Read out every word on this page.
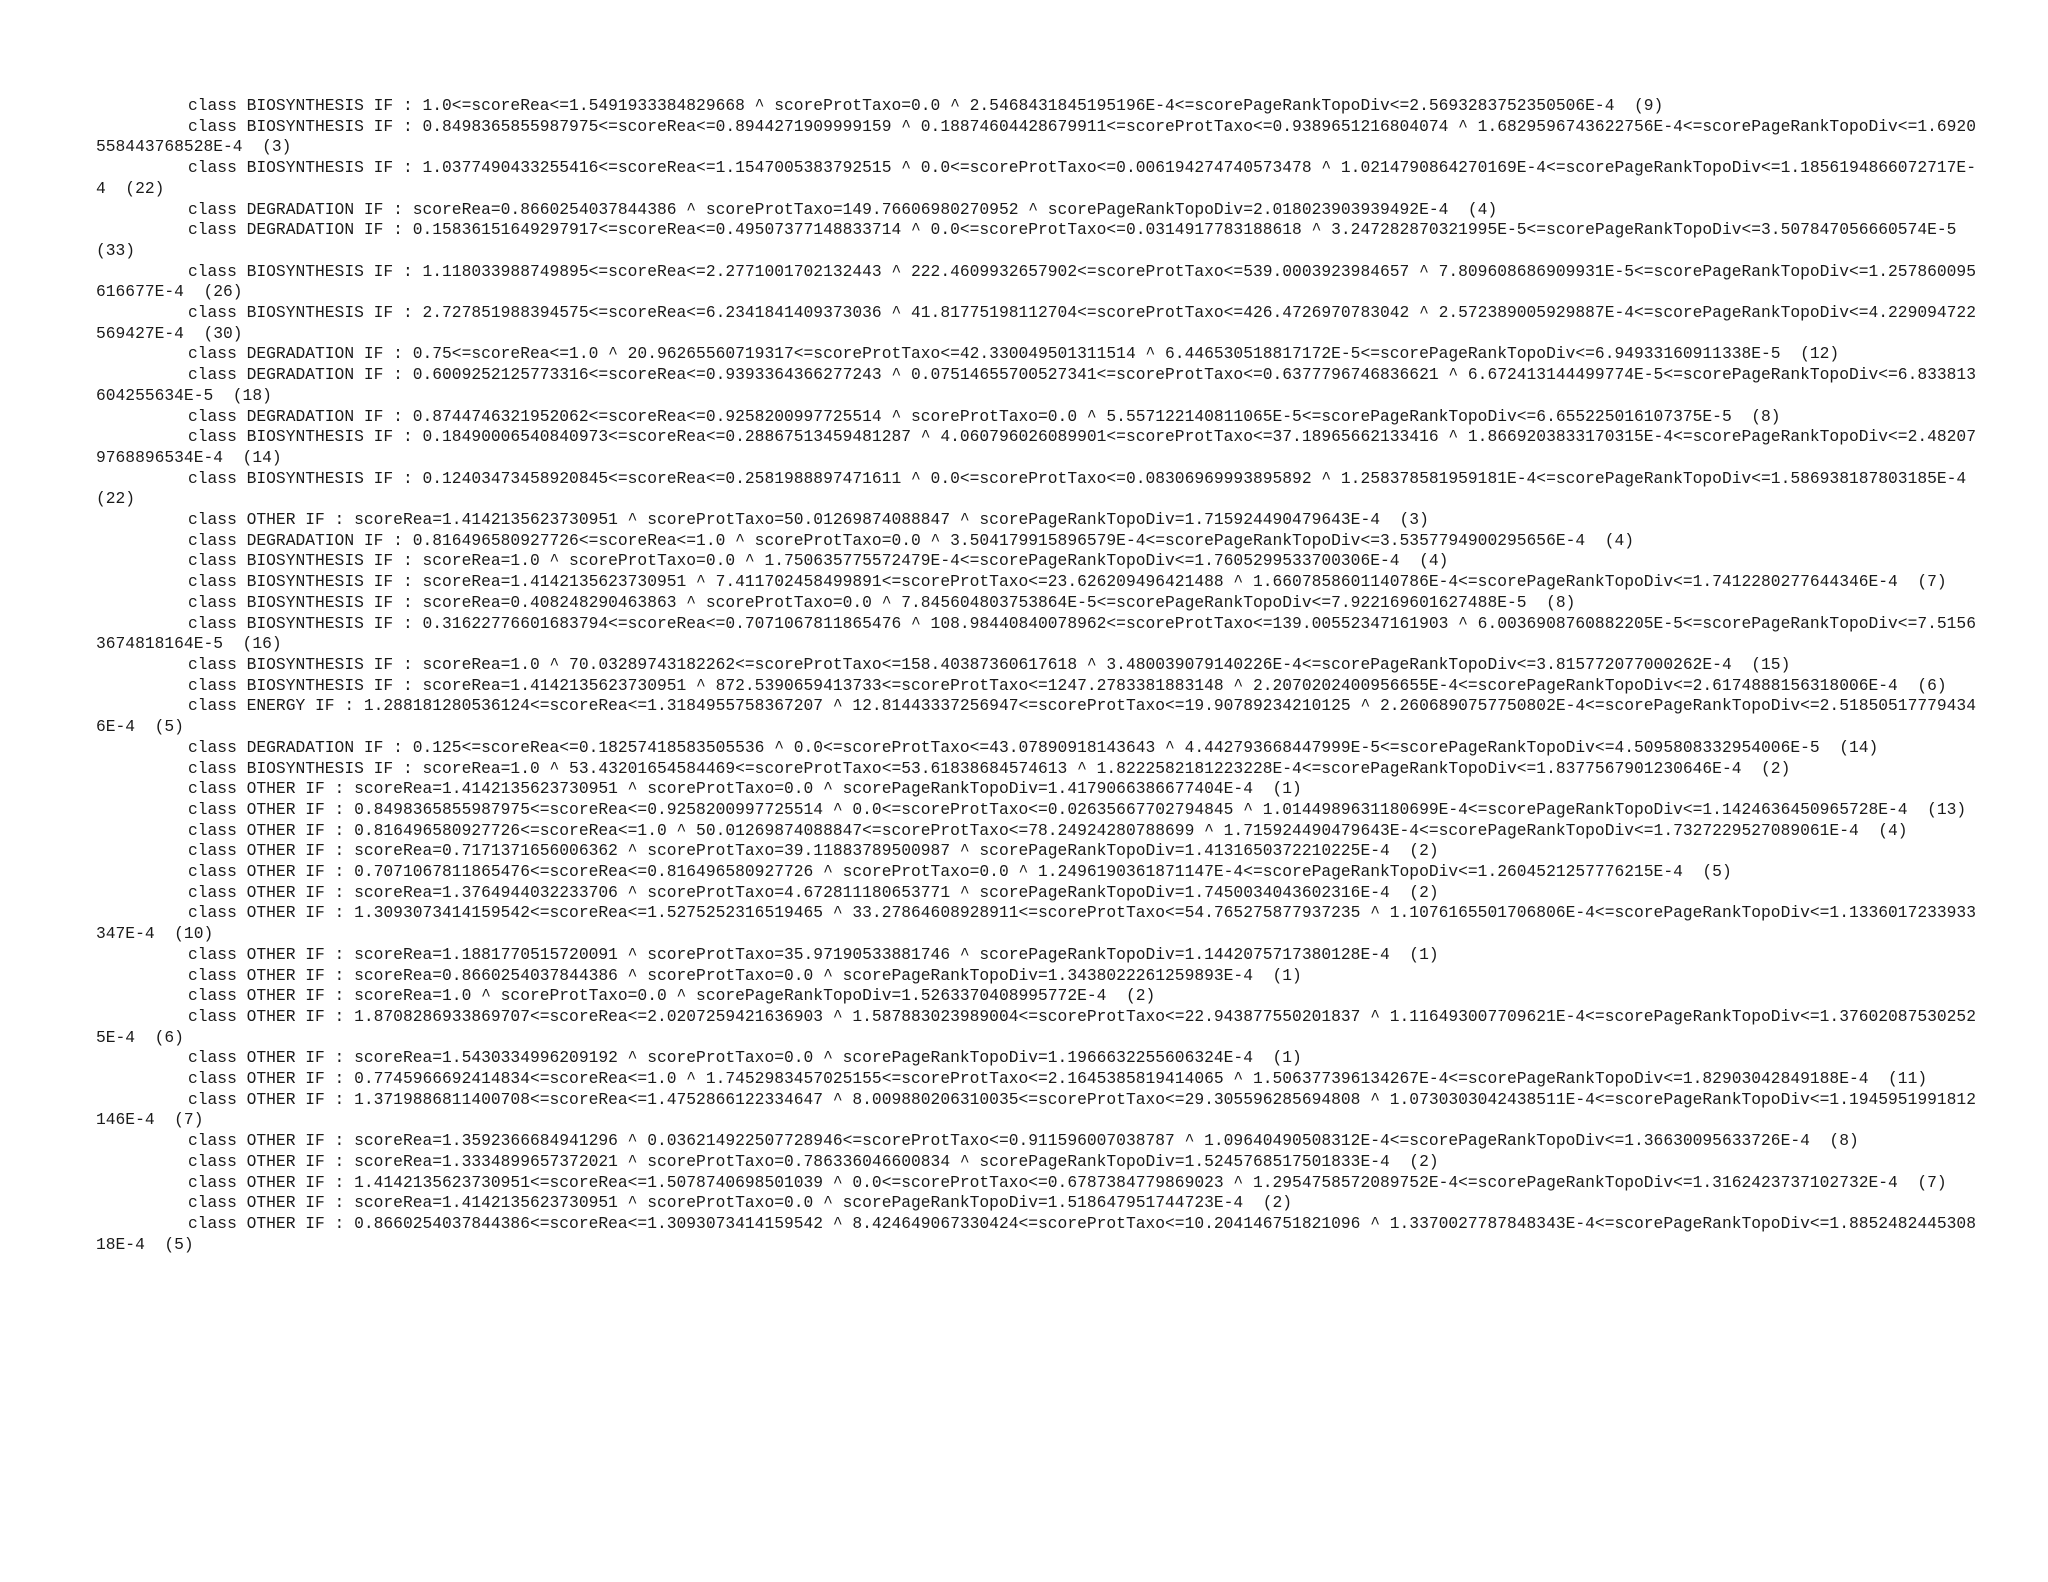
class BIOSYNTHESIS IF : 1.0<=scoreRea<=1.5491933384829668 ^ scoreProtTaxo=0.0 ^ 2.5468431845195196E-4<=scorePageRankTopoDiv<=2.5693283752350506E-4  (9)
class BIOSYNTHESIS IF : 0.8498365855987975<=scoreRea<=0.8944271909999159 ^ 0.18874604428679911<=scoreProtTaxo<=0.9389651216804074 ^ 1.6829596743622756E-4<=scorePageRankTopoDiv<=1.6920558443768528E-4  (3)
class BIOSYNTHESIS IF : 1.0377490433255416<=scoreRea<=1.1547005383792515 ^ 0.0<=scoreProtTaxo<=0.006194274740573478 ^ 1.0214790864270169E-4<=scorePageRankTopoDiv<=1.1856194866072717E-4  (22)
class DEGRADATION IF : scoreRea=0.8660254037844386 ^ scoreProtTaxo=149.76606980270952 ^ scorePageRankTopoDiv=2.018023903939492E-4  (4)
class DEGRADATION IF : 0.15836151649297917<=scoreRea<=0.49507377148833714 ^ 0.0<=scoreProtTaxo<=0.0314917783188618 ^ 3.247282870321995E-5<=scorePageRankTopoDiv<=3.507847056660574E-5  (33)
class BIOSYNTHESIS IF : 1.118033988749895<=scoreRea<=2.2771001702132443 ^ 222.4609932657902<=scoreProtTaxo<=539.0003923984657 ^ 7.809608686909931E-5<=scorePageRankTopoDiv<=1.257860095616677E-4  (26)
class BIOSYNTHESIS IF : 2.727851988394575<=scoreRea<=6.2341841409373036 ^ 41.81775198112704<=scoreProtTaxo<=426.4726970783042 ^ 2.572389005929887E-4<=scorePageRankTopoDiv<=4.229094722569427E-4  (30)
class DEGRADATION IF : 0.75<=scoreRea<=1.0 ^ 20.96265560719317<=scoreProtTaxo<=42.330049501311514 ^ 6.446530518817172E-5<=scorePageRankTopoDiv<=6.94933160911338E-5  (12)
class DEGRADATION IF : 0.6009252125773316<=scoreRea<=0.9393364366277243 ^ 0.07514655700527341<=scoreProtTaxo<=0.6377796746836621 ^ 6.672413144499774E-5<=scorePageRankTopoDiv<=6.833813604255634E-5  (18)
class DEGRADATION IF : 0.8744746321952062<=scoreRea<=0.9258200997725514 ^ scoreProtTaxo=0.0 ^ 5.557122140811065E-5<=scorePageRankTopoDiv<=6.655225016107375E-5  (8)
class BIOSYNTHESIS IF : 0.18490006540840973<=scoreRea<=0.28867513459481287 ^ 4.060796026089901<=scoreProtTaxo<=37.18965662133416 ^ 1.8669203833170315E-4<=scorePageRankTopoDiv<=2.482079768896534E-4  (14)
class BIOSYNTHESIS IF : 0.12403473458920845<=scoreRea<=0.2581988897471611 ^ 0.0<=scoreProtTaxo<=0.08306969993895892 ^ 1.258378581959181E-4<=scorePageRankTopoDiv<=1.586938187803185E-4  (22)
class OTHER IF : scoreRea=1.4142135623730951 ^ scoreProtTaxo=50.01269874088847 ^ scorePageRankTopoDiv=1.715924490479643E-4  (3)
class DEGRADATION IF : 0.816496580927726<=scoreRea<=1.0 ^ scoreProtTaxo=0.0 ^ 3.504179915896579E-4<=scorePageRankTopoDiv<=3.5357794900295656E-4  (4)
class BIOSYNTHESIS IF : scoreRea=1.0 ^ scoreProtTaxo=0.0 ^ 1.750635775572479E-4<=scorePageRankTopoDiv<=1.7605299533700306E-4  (4)
class BIOSYNTHESIS IF : scoreRea=1.4142135623730951 ^ 7.411702458499891<=scoreProtTaxo<=23.626209496421488 ^ 1.6607858601140786E-4<=scorePageRankTopoDiv<=1.7412280277644346E-4  (7)
class BIOSYNTHESIS IF : scoreRea=0.408248290463863 ^ scoreProtTaxo=0.0 ^ 7.845604803753864E-5<=scorePageRankTopoDiv<=7.922169601627488E-5  (8)
class BIOSYNTHESIS IF : 0.31622776601683794<=scoreRea<=0.7071067811865476 ^ 108.98440840078962<=scoreProtTaxo<=139.00552347161903 ^ 6.0036908760882205E-5<=scorePageRankTopoDiv<=7.51563674818164E-5  (16)
class BIOSYNTHESIS IF : scoreRea=1.0 ^ 70.03289743182262<=scoreProtTaxo<=158.40387360617618 ^ 3.480039079140226E-4<=scorePageRankTopoDiv<=3.815772077000262E-4  (15)
class BIOSYNTHESIS IF : scoreRea=1.4142135623730951 ^ 872.5390659413733<=scoreProtTaxo<=1247.2783381883148 ^ 2.2070202400956655E-4<=scorePageRankTopoDiv<=2.6174888156318006E-4  (6)
class ENERGY IF : 1.288181280536124<=scoreRea<=1.3184955758367207 ^ 12.81443337256947<=scoreProtTaxo<=19.90789234210125 ^ 2.2606890757750802E-4<=scorePageRankTopoDiv<=2.518505177794346E-4  (5)
class DEGRADATION IF : 0.125<=scoreRea<=0.18257418583505536 ^ 0.0<=scoreProtTaxo<=43.07890918143643 ^ 4.442793668447999E-5<=scorePageRankTopoDiv<=4.5095808332954006E-5  (14)
class BIOSYNTHESIS IF : scoreRea=1.0 ^ 53.43201654584469<=scoreProtTaxo<=53.61838684574613 ^ 1.8222582181223228E-4<=scorePageRankTopoDiv<=1.8377567901230646E-4  (2)
class OTHER IF : scoreRea=1.4142135623730951 ^ scoreProtTaxo=0.0 ^ scorePageRankTopoDiv=1.4179066386677404E-4  (1)
class OTHER IF : 0.8498365855987975<=scoreRea<=0.9258200997725514 ^ 0.0<=scoreProtTaxo<=0.02635667702794845 ^ 1.0144989631180699E-4<=scorePageRankTopoDiv<=1.1424636450965728E-4  (13)
class OTHER IF : 0.816496580927726<=scoreRea<=1.0 ^ 50.01269874088847<=scoreProtTaxo<=78.24924280788699 ^ 1.715924490479643E-4<=scorePageRankTopoDiv<=1.7327229527089061E-4  (4)
class OTHER IF : scoreRea=0.7171371656006362 ^ scoreProtTaxo=39.11883789500987 ^ scorePageRankTopoDiv=1.4131650372210225E-4  (2)
class OTHER IF : 0.7071067811865476<=scoreRea<=0.816496580927726 ^ scoreProtTaxo=0.0 ^ 1.2496190361871147E-4<=scorePageRankTopoDiv<=1.2604521257776215E-4  (5)
class OTHER IF : scoreRea=1.3764944032233706 ^ scoreProtTaxo=4.672811180653771 ^ scorePageRankTopoDiv=1.7450034043602316E-4  (2)
class OTHER IF : 1.3093073414159542<=scoreRea<=1.5275252316519465 ^ 33.27864608928911<=scoreProtTaxo<=54.765275877937235 ^ 1.1076165501706806E-4<=scorePageRankTopoDiv<=1.1336017233933347E-4  (10)
class OTHER IF : scoreRea=1.1881770515720091 ^ scoreProtTaxo=35.97190533881746 ^ scorePageRankTopoDiv=1.1442075717380128E-4  (1)
class OTHER IF : scoreRea=0.8660254037844386 ^ scoreProtTaxo=0.0 ^ scorePageRankTopoDiv=1.3438022261259893E-4  (1)
class OTHER IF : scoreRea=1.0 ^ scoreProtTaxo=0.0 ^ scorePageRankTopoDiv=1.5263370408995772E-4  (2)
class OTHER IF : 1.8708286933869707<=scoreRea<=2.0207259421636903 ^ 1.587883023989004<=scoreProtTaxo<=22.943877550201837 ^ 1.116493007709621E-4<=scorePageRankTopoDiv<=1.376020875302525E-4  (6)
class OTHER IF : scoreRea=1.5430334996209192 ^ scoreProtTaxo=0.0 ^ scorePageRankTopoDiv=1.1966632255606324E-4  (1)
class OTHER IF : 0.7745966692414834<=scoreRea<=1.0 ^ 1.7452983457025155<=scoreProtTaxo<=2.1645385819414065 ^ 1.506377396134267E-4<=scorePageRankTopoDiv<=1.82903042849188E-4  (11)
class OTHER IF : 1.3719886811400708<=scoreRea<=1.4752866122334647 ^ 8.009880206310035<=scoreProtTaxo<=29.305596285694808 ^ 1.0730303042438511E-4<=scorePageRankTopoDiv<=1.1945951991812146E-4  (7)
class OTHER IF : scoreRea=1.3592366684941296 ^ 0.036214922507728946<=scoreProtTaxo<=0.911596007038787 ^ 1.09640490508312E-4<=scorePageRankTopoDiv<=1.36630095633726E-4  (8)
class OTHER IF : scoreRea=1.3334899657372021 ^ scoreProtTaxo=0.786336046600834 ^ scorePageRankTopoDiv=1.5245768517501833E-4  (2)
class OTHER IF : 1.4142135623730951<=scoreRea<=1.5078740698501039 ^ 0.0<=scoreProtTaxo<=0.6787384779869023 ^ 1.2954758572089752E-4<=scorePageRankTopoDiv<=1.3162423737102732E-4  (7)
class OTHER IF : scoreRea=1.4142135623730951 ^ scoreProtTaxo=0.0 ^ scorePageRankTopoDiv=1.518647951744723E-4  (2)
class OTHER IF : 0.8660254037844386<=scoreRea<=1.3093073414159542 ^ 8.424649067330424<=scoreProtTaxo<=10.204146751821096 ^ 1.3370027787848343E-4<=scorePageRankTopoDiv<=1.885248244530818E-4  (5)
